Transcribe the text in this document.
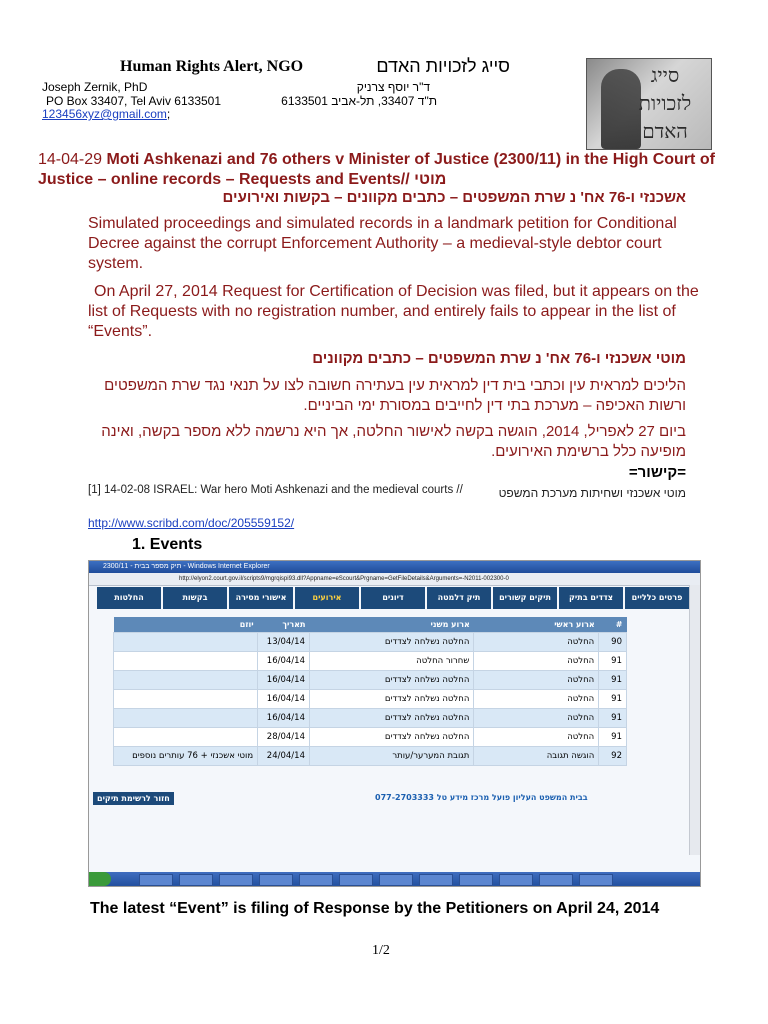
Human Rights Alert, NGO	סייג לזכויות האדם
Joseph Zernik, PhD	ד"ר יוסף צרניק
PO Box 33407, Tel Aviv 6133501	ת"ד 33407, תל-אביב 6133501
123456xyz@gmail.com;
סייג
לזכויות
האדם
14-04-29 Moti Ashkenazi and 76 others v Minister of Justice (2300/11) in the High Court of Justice – online records – Requests and Events// מוטי
אשכנזי ו-76 אח' נ שרת המשפטים – כתבים מקוונים – בקשות ואירועים
Simulated proceedings and simulated records in a landmark petition for Conditional Decree against the corrupt Enforcement Authority – a medieval-style debtor court system.
On April 27, 2014 Request for Certification of Decision was filed, but it appears on the list of Requests with no registration number, and entirely fails to appear in the list of “Events”.
מוטי אשכנזי ו-76 אח' נ שרת המשפטים – כתבים מקוונים
הליכים למראית עין וכתבי בית דין למראית עין בעתירה חשובה לצו על תנאי נגד שרת המשפטים ורשות האכיפה – מערכת בתי דין לחייבים במסורת ימי הביניים.
ביום 27 לאפריל, 2014, הוגשה בקשה לאישור החלטה, אך היא נרשמה ללא מספר בקשה, ואינה מופיעה כלל ברשימת האירועים.
=קישור=
[1] 14-02-08 ISRAEL: War hero Moti Ashkenazi and the medieval courts //	מוטי אשכנזי ושחיתות מערכת המשפט
http://www.scribd.com/doc/205559152/
1. Events
2300/11 - תיק מספר בבית - Windows Internet Explorer
http://elyon2.court.gov.il/scripts9/mgrqispi93.dll?Appname=eScourt&Prgname=GetFileDetails&Arguments=-N2011-002300-0
פרטים כלליים
צדדים בתיק
תיקים קשורים
תיק דלמטה
דיונים
אירועים
אישורי מסירה
בקשות
החלטות
יוזם	תאריך	ארוע משני	ארוע ראשי	#
	13/04/14	החלטה נשלחה לצדדים	החלטה	90
	16/04/14	שחרור החלטה	החלטה	91
	16/04/14	החלטה נשלחה לצדדים	החלטה	91
	16/04/14	החלטה נשלחה לצדדים	החלטה	91
	16/04/14	החלטה נשלחה לצדדים	החלטה	91
	28/04/14	החלטה נשלחה לצדדים	החלטה	91
מוטי אשכנזי + 76 עותרים נוספים	24/04/14	תגובת המערער/עותר	הוגשה תגובה	92
חזור לרשימת תיקים	בבית המשפט העליון פועל מרכז מידע טל 077-2703333
The latest “Event” is filing of Response by the Petitioners on April 24, 2014
1/2
